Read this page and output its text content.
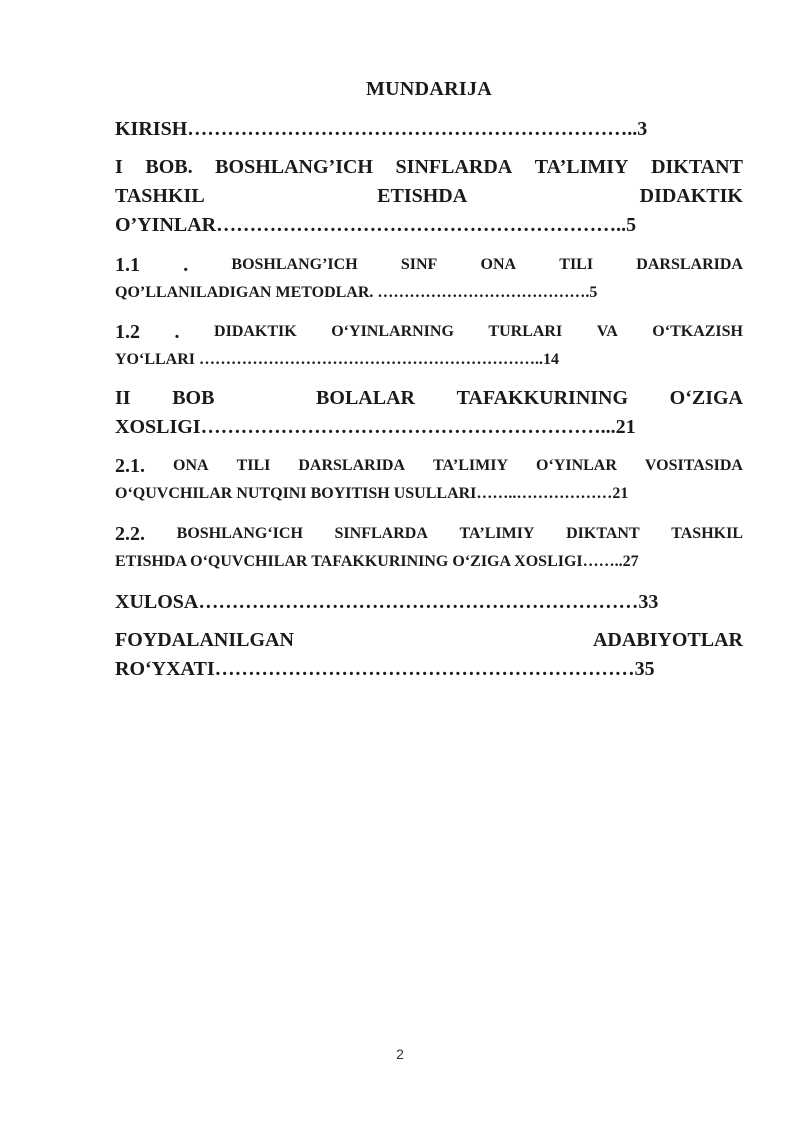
MUNDARIJA
KIRISH…………………………………………………………..3
I BOB. BOSHLANG’ICH SINFLARDA TA’LIMIY DIKTANT
TASHKIL	ETISHDA	DIDAKTIK
O’YINLAR……………………………………………………..5
1.1 .	BOSHLANG’ICH	SINF	ONA	TILI	DARSLARIDA
QO’LLANILADIGAN METODLAR. ………………………………….5
1.2 . DIDAKTIK O‘YINLARNING TURLARI VA O‘TKAZISH
YO‘LLARI ………………………………………………………..14
II BOB	BOLALAR TAFAKKURINING O‘ZIGA
XOSLIGI……………………………………………………...21
2.1. ONA TILI DARSLARIDA TA’LIMIY O‘YINLAR VOSITASIDA
O‘QUVCHILAR NUTQINI BOYITISH USULLARI……..………………21
2.2. BOSHLANG‘ICH SINFLARDA TA’LIMIY DIKTANT TASHKIL
ETISHDA O‘QUVCHILAR TAFAKKURINING O‘ZIGA XOSLIGI……..27
XULOSA…………………………………………………………33
FOYDALANILGAN	ADABIYOTLAR
RO‘YXATI………………………………………………………35
2
